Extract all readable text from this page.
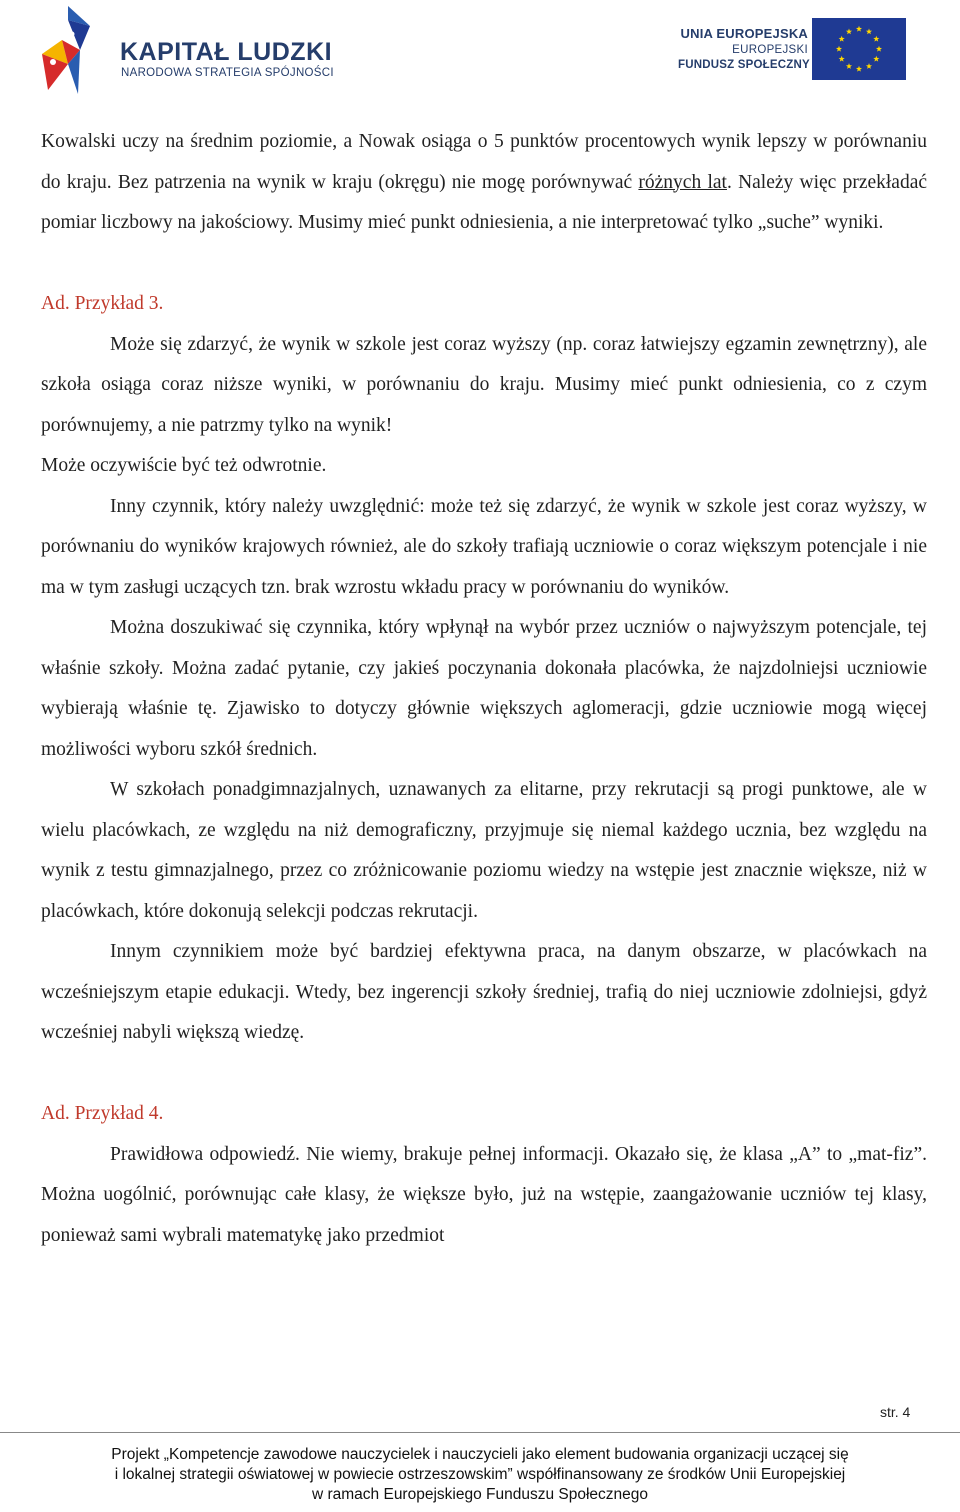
KAPITAŁ LUDZKI
NARODOWA STRATEGIA SPÓJNOŚCI
UNIA EUROPEJSKA
EUROPEJSKI
FUNDUSZ SPOŁECZNY

Kowalski uczy na średnim poziomie, a Nowak osiąga o 5 punktów procentowych wynik lepszy w porównaniu do kraju. Bez patrzenia na wynik w kraju (okręgu) nie mogę porównywać różnych lat. Należy więc przekładać pomiar liczbowy na jakościowy. Musimy mieć punkt odniesienia, a nie interpretować tylko „suche” wyniki.

Ad. Przykład 3.

Może się zdarzyć, że wynik w szkole jest coraz wyższy (np. coraz łatwiejszy egzamin zewnętrzny), ale szkoła osiąga coraz niższe wyniki, w porównaniu do kraju. Musimy mieć punkt odniesienia, co z czym porównujemy, a nie patrzmy tylko na wynik!

Może oczywiście być też odwrotnie.

Inny czynnik, który należy uwzględnić: może też się zdarzyć, że wynik w szkole jest coraz wyższy, w porównaniu do wyników krajowych również, ale do szkoły trafiają uczniowie o coraz większym potencjale i nie ma w tym zasługi uczących tzn. brak wzrostu wkładu pracy w porównaniu do wyników.

Można doszukiwać się czynnika, który wpłynął na wybór przez uczniów o najwyższym potencjale, tej właśnie szkoły. Można zadać pytanie, czy jakieś poczynania dokonała placówka, że najzdolniejsi uczniowie wybierają właśnie tę. Zjawisko to dotyczy głównie większych aglomeracji, gdzie uczniowie mogą więcej możliwości wyboru szkół średnich.

W szkołach ponadgimnazjalnych, uznawanych za elitarne, przy rekrutacji są progi punktowe, ale w wielu placówkach, ze względu na niż demograficzny, przyjmuje się niemal każdego ucznia, bez względu na wynik z testu gimnazjalnego, przez co zróżnicowanie poziomu wiedzy na wstępie jest znacznie większe, niż w placówkach, które dokonują selekcji podczas rekrutacji.

Innym czynnikiem może być bardziej efektywna praca, na danym obszarze, w placówkach na wcześniejszym etapie edukacji. Wtedy, bez ingerencji szkoły średniej, trafią do niej uczniowie zdolniejsi, gdyż wcześniej nabyli większą wiedzę.

Ad. Przykład 4.

Prawidłowa odpowiedź. Nie wiemy, brakuje pełnej informacji. Okazało się, że klasa „A” to „mat-fiz”. Można uogólnić, porównując całe klasy, że większe było, już na wstępie, zaangażowanie uczniów tej klasy, ponieważ sami wybrali matematykę jako przedmiot

str. 4
Projekt „Kompetencje zawodowe nauczycielek i nauczycieli jako element budowania organizacji uczącej się
i lokalnej strategii oświatowej w powiecie ostrzeszowskim” współfinansowany ze środków Unii Europejskiej
w ramach Europejskiego Funduszu Społecznego
